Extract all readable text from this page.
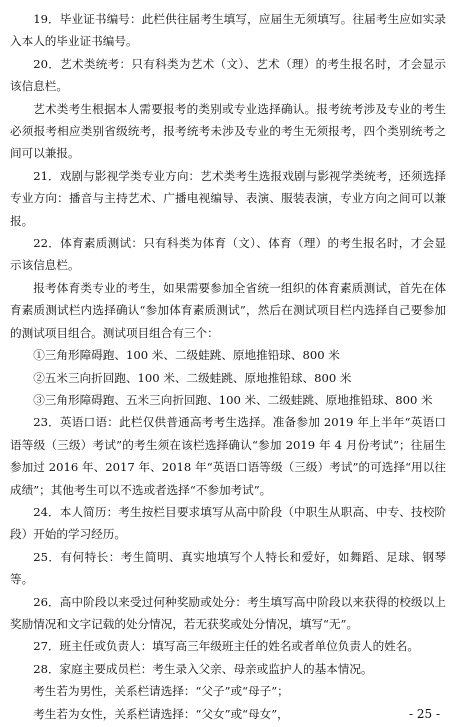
19．毕业证书编号：此栏供往届考生填写，应届生无须填写。往届考生应如实录入本人的毕业证书编号。

20．艺术类统考：只有科类为艺术（文）、艺术（理）的考生报名时，才会显示该信息栏。

艺术类考生根据本人需要报考的类别或专业选择确认。报考统考涉及专业的考生必须报考相应类别省级统考，报考统考未涉及专业的考生无须报考，四个类别统考之间可以兼报。

21．戏剧与影视学类专业方向：艺术类考生选报戏剧与影视学类统考，还须选择专业方向：播音与主持艺术、广播电视编导、表演、服装表演，专业方向之间可以兼报。

22．体育素质测试：只有科类为体育（文）、体育（理）的考生报名时，才会显示该信息栏。

报考体育类专业的考生，如果需要参加全省统一组织的体育素质测试，首先在体育素质测试栏内选择确认“参加体育素质测试”，然后在测试项目栏内选择自己要参加的测试项目组合。测试项目组合有三个：

①三角形障碍跑、100 米、二级蛙跳、原地推铅球、800 米

②五米三向折回跑、100 米、二级蛙跳、原地推铅球、800 米

③三角形障碍跑、五米三向折回跑、100 米、二级蛙跳、原地推铅球、800 米

23．英语口语：此栏仅供普通高考考生选择。准备参加 2019 年上半年“英语口语等级（三级）考试”的考生须在该栏选择确认“参加 2019 年 4 月份考试”；往届生参加过 2016 年、2017 年、2018 年“英语口语等级（三级）考试”的可选择“用以往成绩”；其他考生可以不选或者选择“不参加考试”。

24．本人简历：考生按栏目要求填写从高中阶段（中职生从职高、中专、技校阶段）开始的学习经历。

25．有何特长：考生简明、真实地填写个人特长和爱好，如舞蹈、足球、钢琴等。

26．高中阶段以来受过何种奖励或处分：考生填写高中阶段以来获得的校级以上奖励情况和文字记载的处分情况，若无获奖或处分情况，填写“无”。

27．班主任或负责人：填写高三年级班主任的姓名或者单位负责人的姓名。

28．家庭主要成员栏：考生录入父亲、母亲或监护人的基本情况。

考生若为男性，关系栏请选择：“父子”或“母子”；

考生若为女性，关系栏请选择：“父女”或“母女”，	- 25 -
